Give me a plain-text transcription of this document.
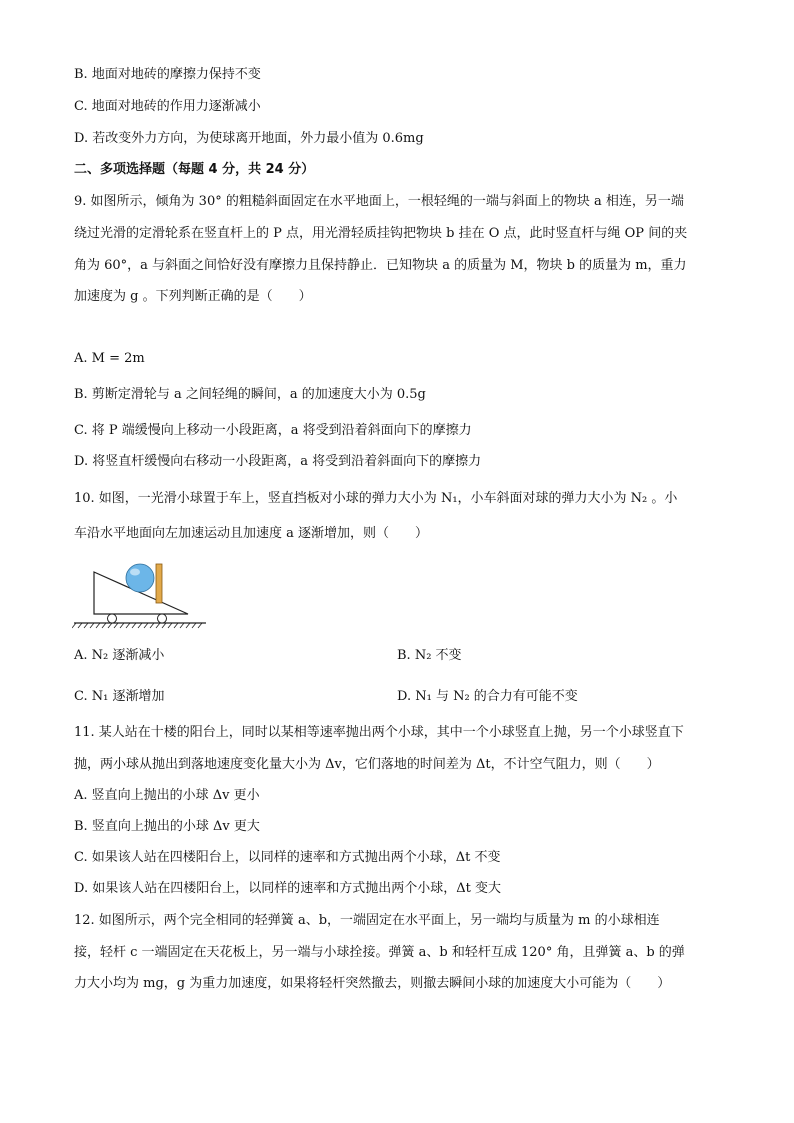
B. 地面对地砖的摩擦力保持不变
C. 地面对地砖的作用力逐渐减小
D. 若改变外力方向，为使球离开地面，外力最小值为 0.6mg
二、多项选择题（每题 4 分，共 24 分）
9. 如图所示，倾角为 30° 的粗糙斜面固定在水平地面上，一根轻绳的一端与斜面上的物块 a 相连，另一端
绕过光滑的定滑轮系在竖直杆上的 P 点，用光滑轻质挂钩把物块 b 挂在 O 点，此时竖直杆与绳 OP 间的夹
角为 60°，a 与斜面之间恰好没有摩擦力且保持静止．已知物块 a 的质量为 M，物块 b 的质量为 m，重力
加速度为 g 。下列判断正确的是（　　）
A. M = 2m
B. 剪断定滑轮与 a 之间轻绳的瞬间，a 的加速度大小为 0.5g
C. 将 P 端缓慢向上移动一小段距离，a 将受到沿着斜面向下的摩擦力
D. 将竖直杆缓慢向右移动一小段距离，a 将受到沿着斜面向下的摩擦力
10. 如图，一光滑小球置于车上，竖直挡板对小球的弹力大小为 N₁，小车斜面对球的弹力大小为 N₂ 。小
车沿水平地面向左加速运动且加速度 a 逐渐增加，则（　　）
A. N₂ 逐渐减小	B. N₂ 不变
C. N₁ 逐渐增加	D. N₁ 与 N₂ 的合力有可能不变
11. 某人站在十楼的阳台上，同时以某相等速率抛出两个小球，其中一个小球竖直上抛，另一个小球竖直下
抛，两小球从抛出到落地速度变化量大小为 Δv，它们落地的时间差为 Δt，不计空气阻力，则（　　）
A. 竖直向上抛出的小球 Δv 更小
B. 竖直向上抛出的小球 Δv 更大
C. 如果该人站在四楼阳台上，以同样的速率和方式抛出两个小球，Δt 不变
D. 如果该人站在四楼阳台上，以同样的速率和方式抛出两个小球，Δt 变大
12. 如图所示，两个完全相同的轻弹簧 a、b，一端固定在水平面上，另一端均与质量为 m 的小球相连
接，轻杆 c 一端固定在天花板上，另一端与小球拴接。弹簧 a、b 和轻杆互成 120° 角，且弹簧 a、b 的弹
力大小均为 mg，g 为重力加速度，如果将轻杆突然撤去，则撤去瞬间小球的加速度大小可能为（　　）
